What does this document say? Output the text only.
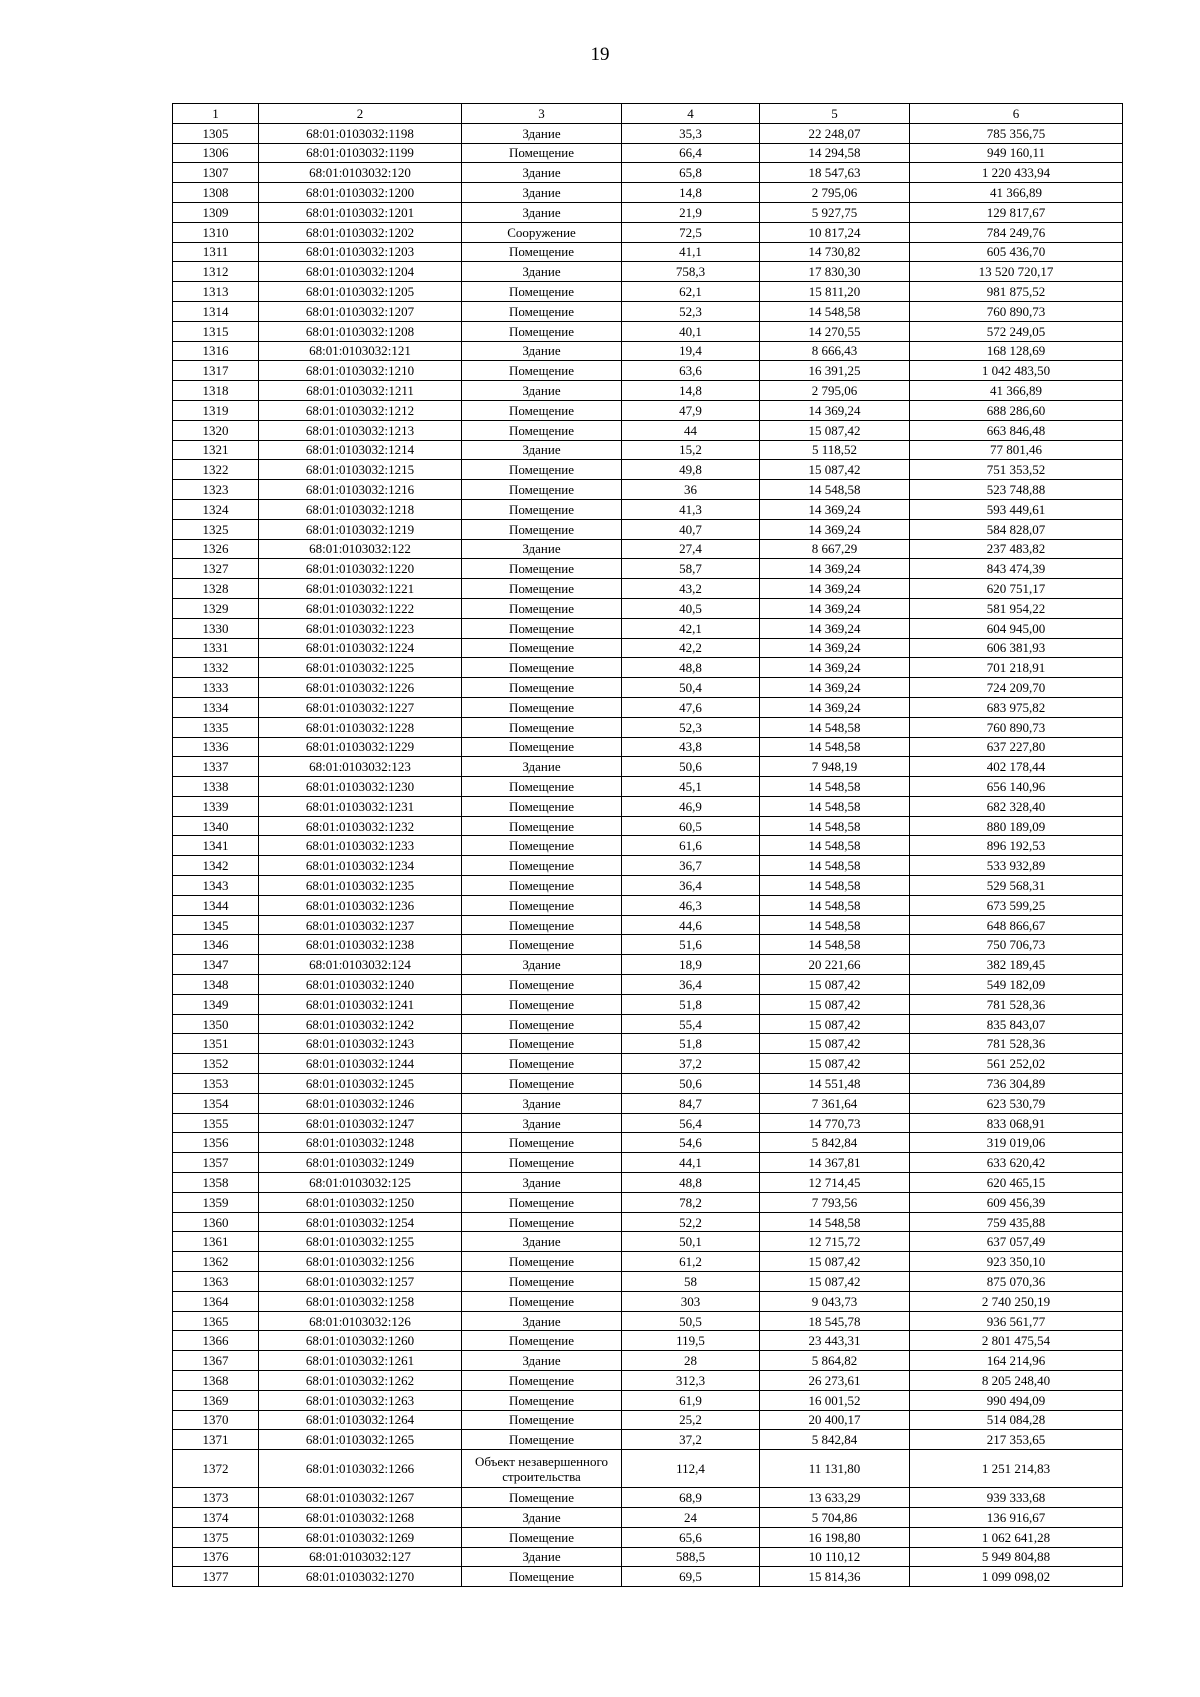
19
1	2	3	4	5	6
1305	68:01:0103032:1198	Здание	35,3	22 248,07	785 356,75
1306	68:01:0103032:1199	Помещение	66,4	14 294,58	949 160,11
1307	68:01:0103032:120	Здание	65,8	18 547,63	1 220 433,94
1308	68:01:0103032:1200	Здание	14,8	2 795,06	41 366,89
1309	68:01:0103032:1201	Здание	21,9	5 927,75	129 817,67
1310	68:01:0103032:1202	Сооружение	72,5	10 817,24	784 249,76
1311	68:01:0103032:1203	Помещение	41,1	14 730,82	605 436,70
1312	68:01:0103032:1204	Здание	758,3	17 830,30	13 520 720,17
1313	68:01:0103032:1205	Помещение	62,1	15 811,20	981 875,52
1314	68:01:0103032:1207	Помещение	52,3	14 548,58	760 890,73
1315	68:01:0103032:1208	Помещение	40,1	14 270,55	572 249,05
1316	68:01:0103032:121	Здание	19,4	8 666,43	168 128,69
1317	68:01:0103032:1210	Помещение	63,6	16 391,25	1 042 483,50
1318	68:01:0103032:1211	Здание	14,8	2 795,06	41 366,89
1319	68:01:0103032:1212	Помещение	47,9	14 369,24	688 286,60
1320	68:01:0103032:1213	Помещение	44	15 087,42	663 846,48
1321	68:01:0103032:1214	Здание	15,2	5 118,52	77 801,46
1322	68:01:0103032:1215	Помещение	49,8	15 087,42	751 353,52
1323	68:01:0103032:1216	Помещение	36	14 548,58	523 748,88
1324	68:01:0103032:1218	Помещение	41,3	14 369,24	593 449,61
1325	68:01:0103032:1219	Помещение	40,7	14 369,24	584 828,07
1326	68:01:0103032:122	Здание	27,4	8 667,29	237 483,82
1327	68:01:0103032:1220	Помещение	58,7	14 369,24	843 474,39
1328	68:01:0103032:1221	Помещение	43,2	14 369,24	620 751,17
1329	68:01:0103032:1222	Помещение	40,5	14 369,24	581 954,22
1330	68:01:0103032:1223	Помещение	42,1	14 369,24	604 945,00
1331	68:01:0103032:1224	Помещение	42,2	14 369,24	606 381,93
1332	68:01:0103032:1225	Помещение	48,8	14 369,24	701 218,91
1333	68:01:0103032:1226	Помещение	50,4	14 369,24	724 209,70
1334	68:01:0103032:1227	Помещение	47,6	14 369,24	683 975,82
1335	68:01:0103032:1228	Помещение	52,3	14 548,58	760 890,73
1336	68:01:0103032:1229	Помещение	43,8	14 548,58	637 227,80
1337	68:01:0103032:123	Здание	50,6	7 948,19	402 178,44
1338	68:01:0103032:1230	Помещение	45,1	14 548,58	656 140,96
1339	68:01:0103032:1231	Помещение	46,9	14 548,58	682 328,40
1340	68:01:0103032:1232	Помещение	60,5	14 548,58	880 189,09
1341	68:01:0103032:1233	Помещение	61,6	14 548,58	896 192,53
1342	68:01:0103032:1234	Помещение	36,7	14 548,58	533 932,89
1343	68:01:0103032:1235	Помещение	36,4	14 548,58	529 568,31
1344	68:01:0103032:1236	Помещение	46,3	14 548,58	673 599,25
1345	68:01:0103032:1237	Помещение	44,6	14 548,58	648 866,67
1346	68:01:0103032:1238	Помещение	51,6	14 548,58	750 706,73
1347	68:01:0103032:124	Здание	18,9	20 221,66	382 189,45
1348	68:01:0103032:1240	Помещение	36,4	15 087,42	549 182,09
1349	68:01:0103032:1241	Помещение	51,8	15 087,42	781 528,36
1350	68:01:0103032:1242	Помещение	55,4	15 087,42	835 843,07
1351	68:01:0103032:1243	Помещение	51,8	15 087,42	781 528,36
1352	68:01:0103032:1244	Помещение	37,2	15 087,42	561 252,02
1353	68:01:0103032:1245	Помещение	50,6	14 551,48	736 304,89
1354	68:01:0103032:1246	Здание	84,7	7 361,64	623 530,79
1355	68:01:0103032:1247	Здание	56,4	14 770,73	833 068,91
1356	68:01:0103032:1248	Помещение	54,6	5 842,84	319 019,06
1357	68:01:0103032:1249	Помещение	44,1	14 367,81	633 620,42
1358	68:01:0103032:125	Здание	48,8	12 714,45	620 465,15
1359	68:01:0103032:1250	Помещение	78,2	7 793,56	609 456,39
1360	68:01:0103032:1254	Помещение	52,2	14 548,58	759 435,88
1361	68:01:0103032:1255	Здание	50,1	12 715,72	637 057,49
1362	68:01:0103032:1256	Помещение	61,2	15 087,42	923 350,10
1363	68:01:0103032:1257	Помещение	58	15 087,42	875 070,36
1364	68:01:0103032:1258	Помещение	303	9 043,73	2 740 250,19
1365	68:01:0103032:126	Здание	50,5	18 545,78	936 561,77
1366	68:01:0103032:1260	Помещение	119,5	23 443,31	2 801 475,54
1367	68:01:0103032:1261	Здание	28	5 864,82	164 214,96
1368	68:01:0103032:1262	Помещение	312,3	26 273,61	8 205 248,40
1369	68:01:0103032:1263	Помещение	61,9	16 001,52	990 494,09
1370	68:01:0103032:1264	Помещение	25,2	20 400,17	514 084,28
1371	68:01:0103032:1265	Помещение	37,2	5 842,84	217 353,65
1372	68:01:0103032:1266	Объект незавершенного строительства	112,4	11 131,80	1 251 214,83
1373	68:01:0103032:1267	Помещение	68,9	13 633,29	939 333,68
1374	68:01:0103032:1268	Здание	24	5 704,86	136 916,67
1375	68:01:0103032:1269	Помещение	65,6	16 198,80	1 062 641,28
1376	68:01:0103032:127	Здание	588,5	10 110,12	5 949 804,88
1377	68:01:0103032:1270	Помещение	69,5	15 814,36	1 099 098,02
